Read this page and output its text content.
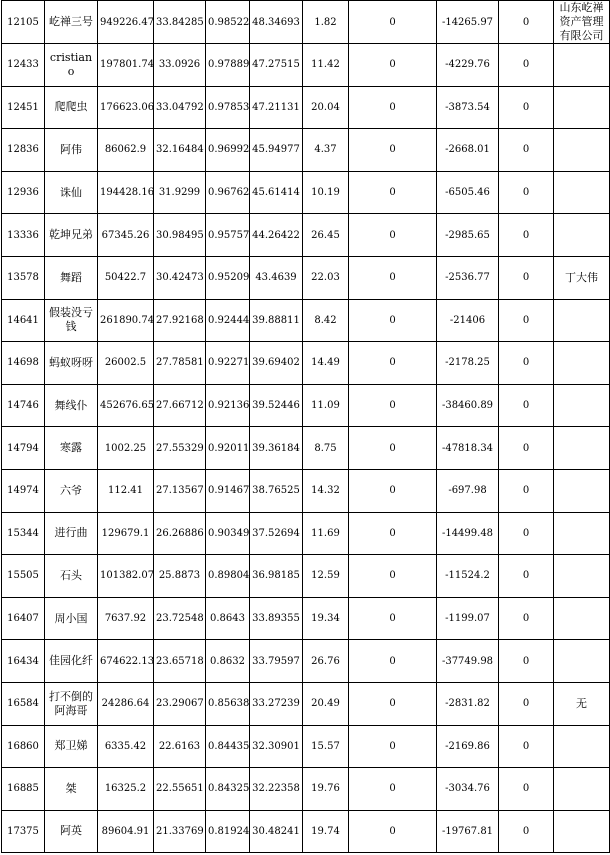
12105	屹禅三号	949226.47	33.84285	0.98522	48.34693	1.82	0	-14265.97	0	山东屹禅资产管理有限公司
12433	cristiano	197801.74	33.0926	0.97889	47.27515	11.42	0	-4229.76	0	
12451	爬爬虫	176623.06	33.04792	0.97853	47.21131	20.04	0	-3873.54	0	
12836	阿伟	86062.9	32.16484	0.96992	45.94977	4.37	0	-2668.01	0	
12936	诛仙	194428.16	31.9299	0.96762	45.61414	10.19	0	-6505.46	0	
13336	乾坤兄弟	67345.26	30.98495	0.95757	44.26422	26.45	0	-2985.65	0	
13578	舞蹈	50422.7	30.42473	0.95209	43.4639	22.03	0	-2536.77	0	丁大伟
14641	假装没亏钱	261890.74	27.92168	0.92444	39.88811	8.42	0	-21406	0	
14698	蚂蚁呀呀	26002.5	27.78581	0.92271	39.69402	14.49	0	-2178.25	0	
14746	舞线仆	452676.65	27.66712	0.92136	39.52446	11.09	0	-38460.89	0	
14794	寒露	1002.25	27.55329	0.92011	39.36184	8.75	0	-47818.34	0	
14974	六爷	112.41	27.13567	0.91467	38.76525	14.32	0	-697.98	0	
15344	进行曲	129679.1	26.26886	0.90349	37.52694	11.69	0	-14499.48	0	
15505	石头	101382.07	25.8873	0.89804	36.98185	12.59	0	-11524.2	0	
16407	周小国	7637.92	23.72548	0.8643	33.89355	19.34	0	-1199.07	0	
16434	佳园化纤	674622.13	23.65718	0.8632	33.79597	26.76	0	-37749.98	0	
16584	打不倒的阿海哥	24286.64	23.29067	0.85638	33.27239	20.49	0	-2831.82	0	无
16860	郑卫娣	6335.42	22.6163	0.84435	32.30901	15.57	0	-2169.86	0	
16885	桀	16325.2	22.55651	0.84325	32.22358	19.76	0	-3034.76	0	
17375	阿英	89604.91	21.33769	0.81924	30.48241	19.74	0	-19767.81	0	
